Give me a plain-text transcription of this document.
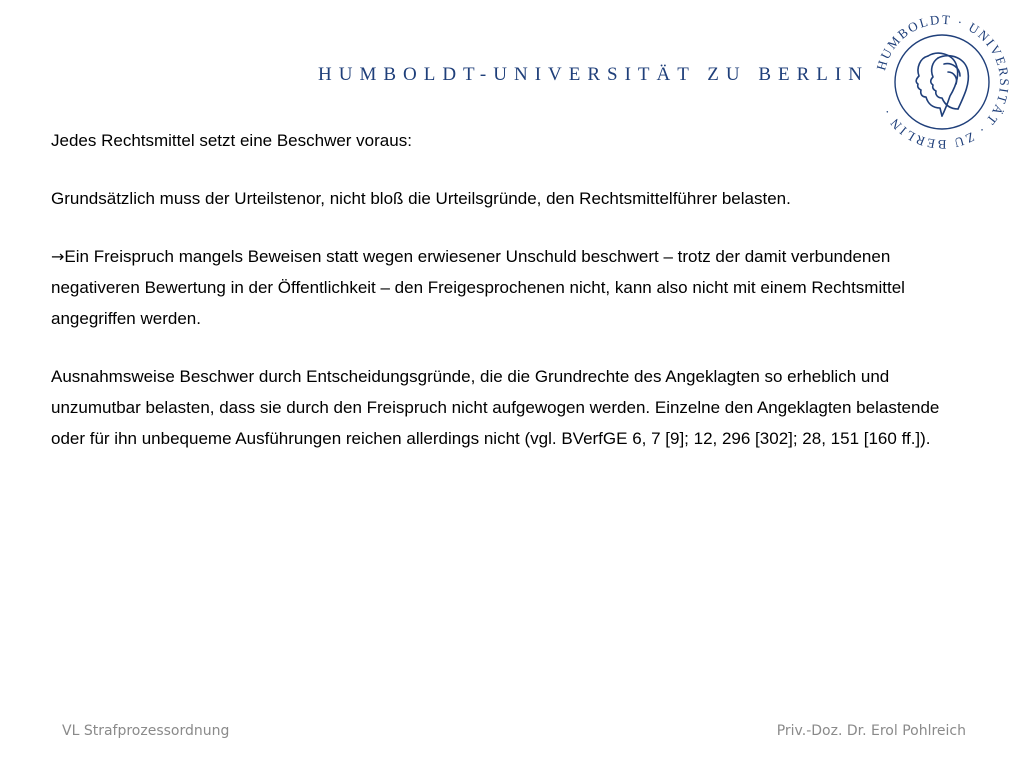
HUMBOLDT-UNIVERSITÄT ZU BERLIN HUMBOLDT · UNIVERSITÄT · ZU BERLIN ·

Jedes Rechtsmittel setzt eine Beschwer voraus:

Grundsätzlich muss der Urteilstenor, nicht bloß die Urteilsgründe, den Rechtsmittelführer belasten.

→Ein Freispruch mangels Beweisen statt wegen erwiesener Unschuld beschwert – trotz der damit verbundenen negativeren Bewertung in der Öffentlichkeit – den Freigesprochenen nicht, kann also nicht mit einem Rechtsmittel angegriffen werden.

Ausnahmsweise Beschwer durch Entscheidungsgründe, die die Grundrechte des Angeklagten so erheblich und unzumutbar belasten, dass sie durch den Freispruch nicht aufgewogen werden. Einzelne den Angeklagten belastende oder für ihn unbequeme Ausführungen reichen allerdings nicht (vgl. BVerfGE 6, 7 [9]; 12, 296 [302]; 28, 151 [160 ff.]).

VL Strafprozessordnung	Priv.-Doz. Dr. Erol Pohlreich
